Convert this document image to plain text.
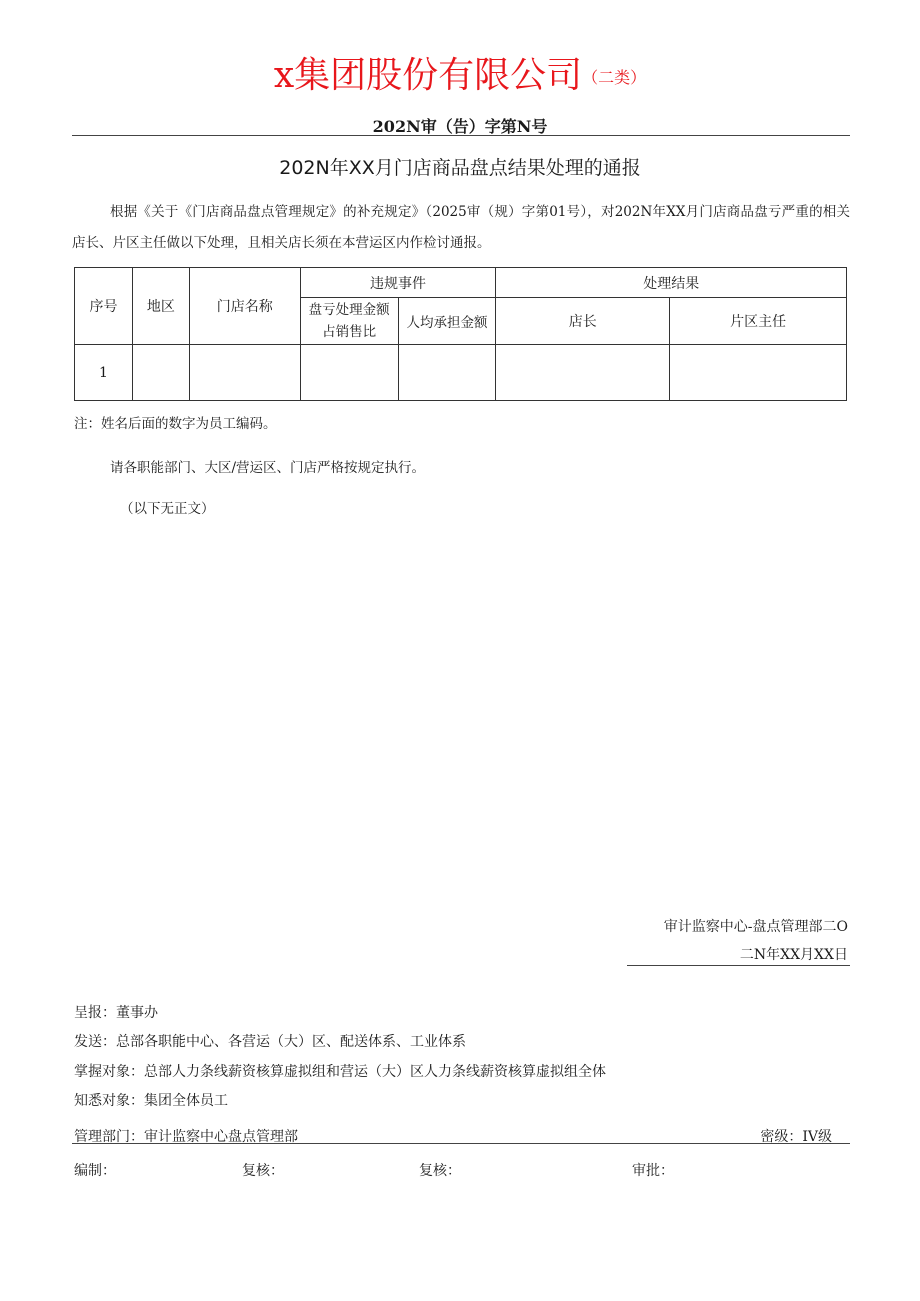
x集团股份有限公司（二类）
202N审（告）字第N号
202N年XX月门店商品盘点结果处理的通报
根据《关于《门店商品盘点管理规定》的补充规定》（2025审（规）字第01号），对202N年XX月门店商品盘亏严重的相关店长、片区主任做以下处理，且相关店长须在本营运区内作检讨通报。
序号	地区	门店名称	违规事件		处理结果	
			盘亏处理金额占销售比	人均承担金额	店长	片区主任
1						
注：姓名后面的数字为员工编码。
请各职能部门、大区/营运区、门店严格按规定执行。
（以下无正文）
审计监察中心-盘点管理部二O
二N年XX月XX日
呈报：董事办
发送：总部各职能中心、各营运（大）区、配送体系、工业体系
掌握对象：总部人力条线薪资核算虚拟组和营运（大）区人力条线薪资核算虚拟组全体
知悉对象：集团全体员工
管理部门：审计监察中心盘点管理部	密级：IV级
编制：	复核：	复核：	审批：
